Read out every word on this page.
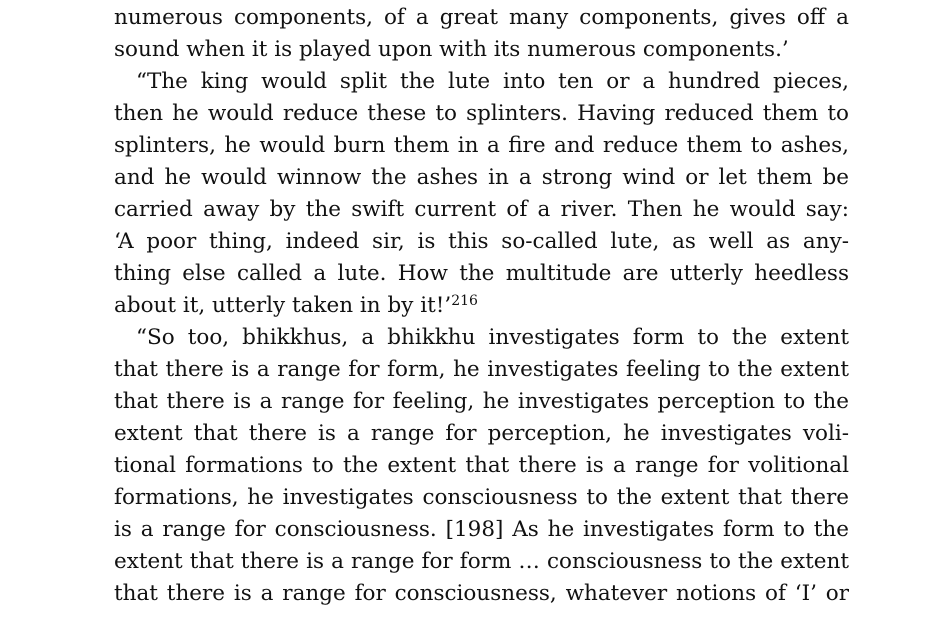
numerous components, of a great many components, gives off a
sound when it is played upon with its numerous components.’
“The king would split the lute into ten or a hundred pieces,
then he would reduce these to splinters. Having reduced them to
splinters, he would burn them in a fire and reduce them to ashes,
and he would winnow the ashes in a strong wind or let them be
carried away by the swift current of a river. Then he would say:
‘A poor thing, indeed sir, is this so-called lute, as well as any-
thing else called a lute. How the multitude are utterly heedless
about it, utterly taken in by it!’$^{216}$
“So too, bhikkhus, a bhikkhu investigates form to the extent
that there is a range for form, he investigates feeling to the extent
that there is a range for feeling, he investigates perception to the
extent that there is a range for perception, he investigates voli-
tional formations to the extent that there is a range for volitional
formations, he investigates consciousness to the extent that there
is a range for consciousness. [198] As he investigates form to the
extent that there is a range for form … consciousness to the extent
that there is a range for consciousness, whatever notions of ‘I’ or
